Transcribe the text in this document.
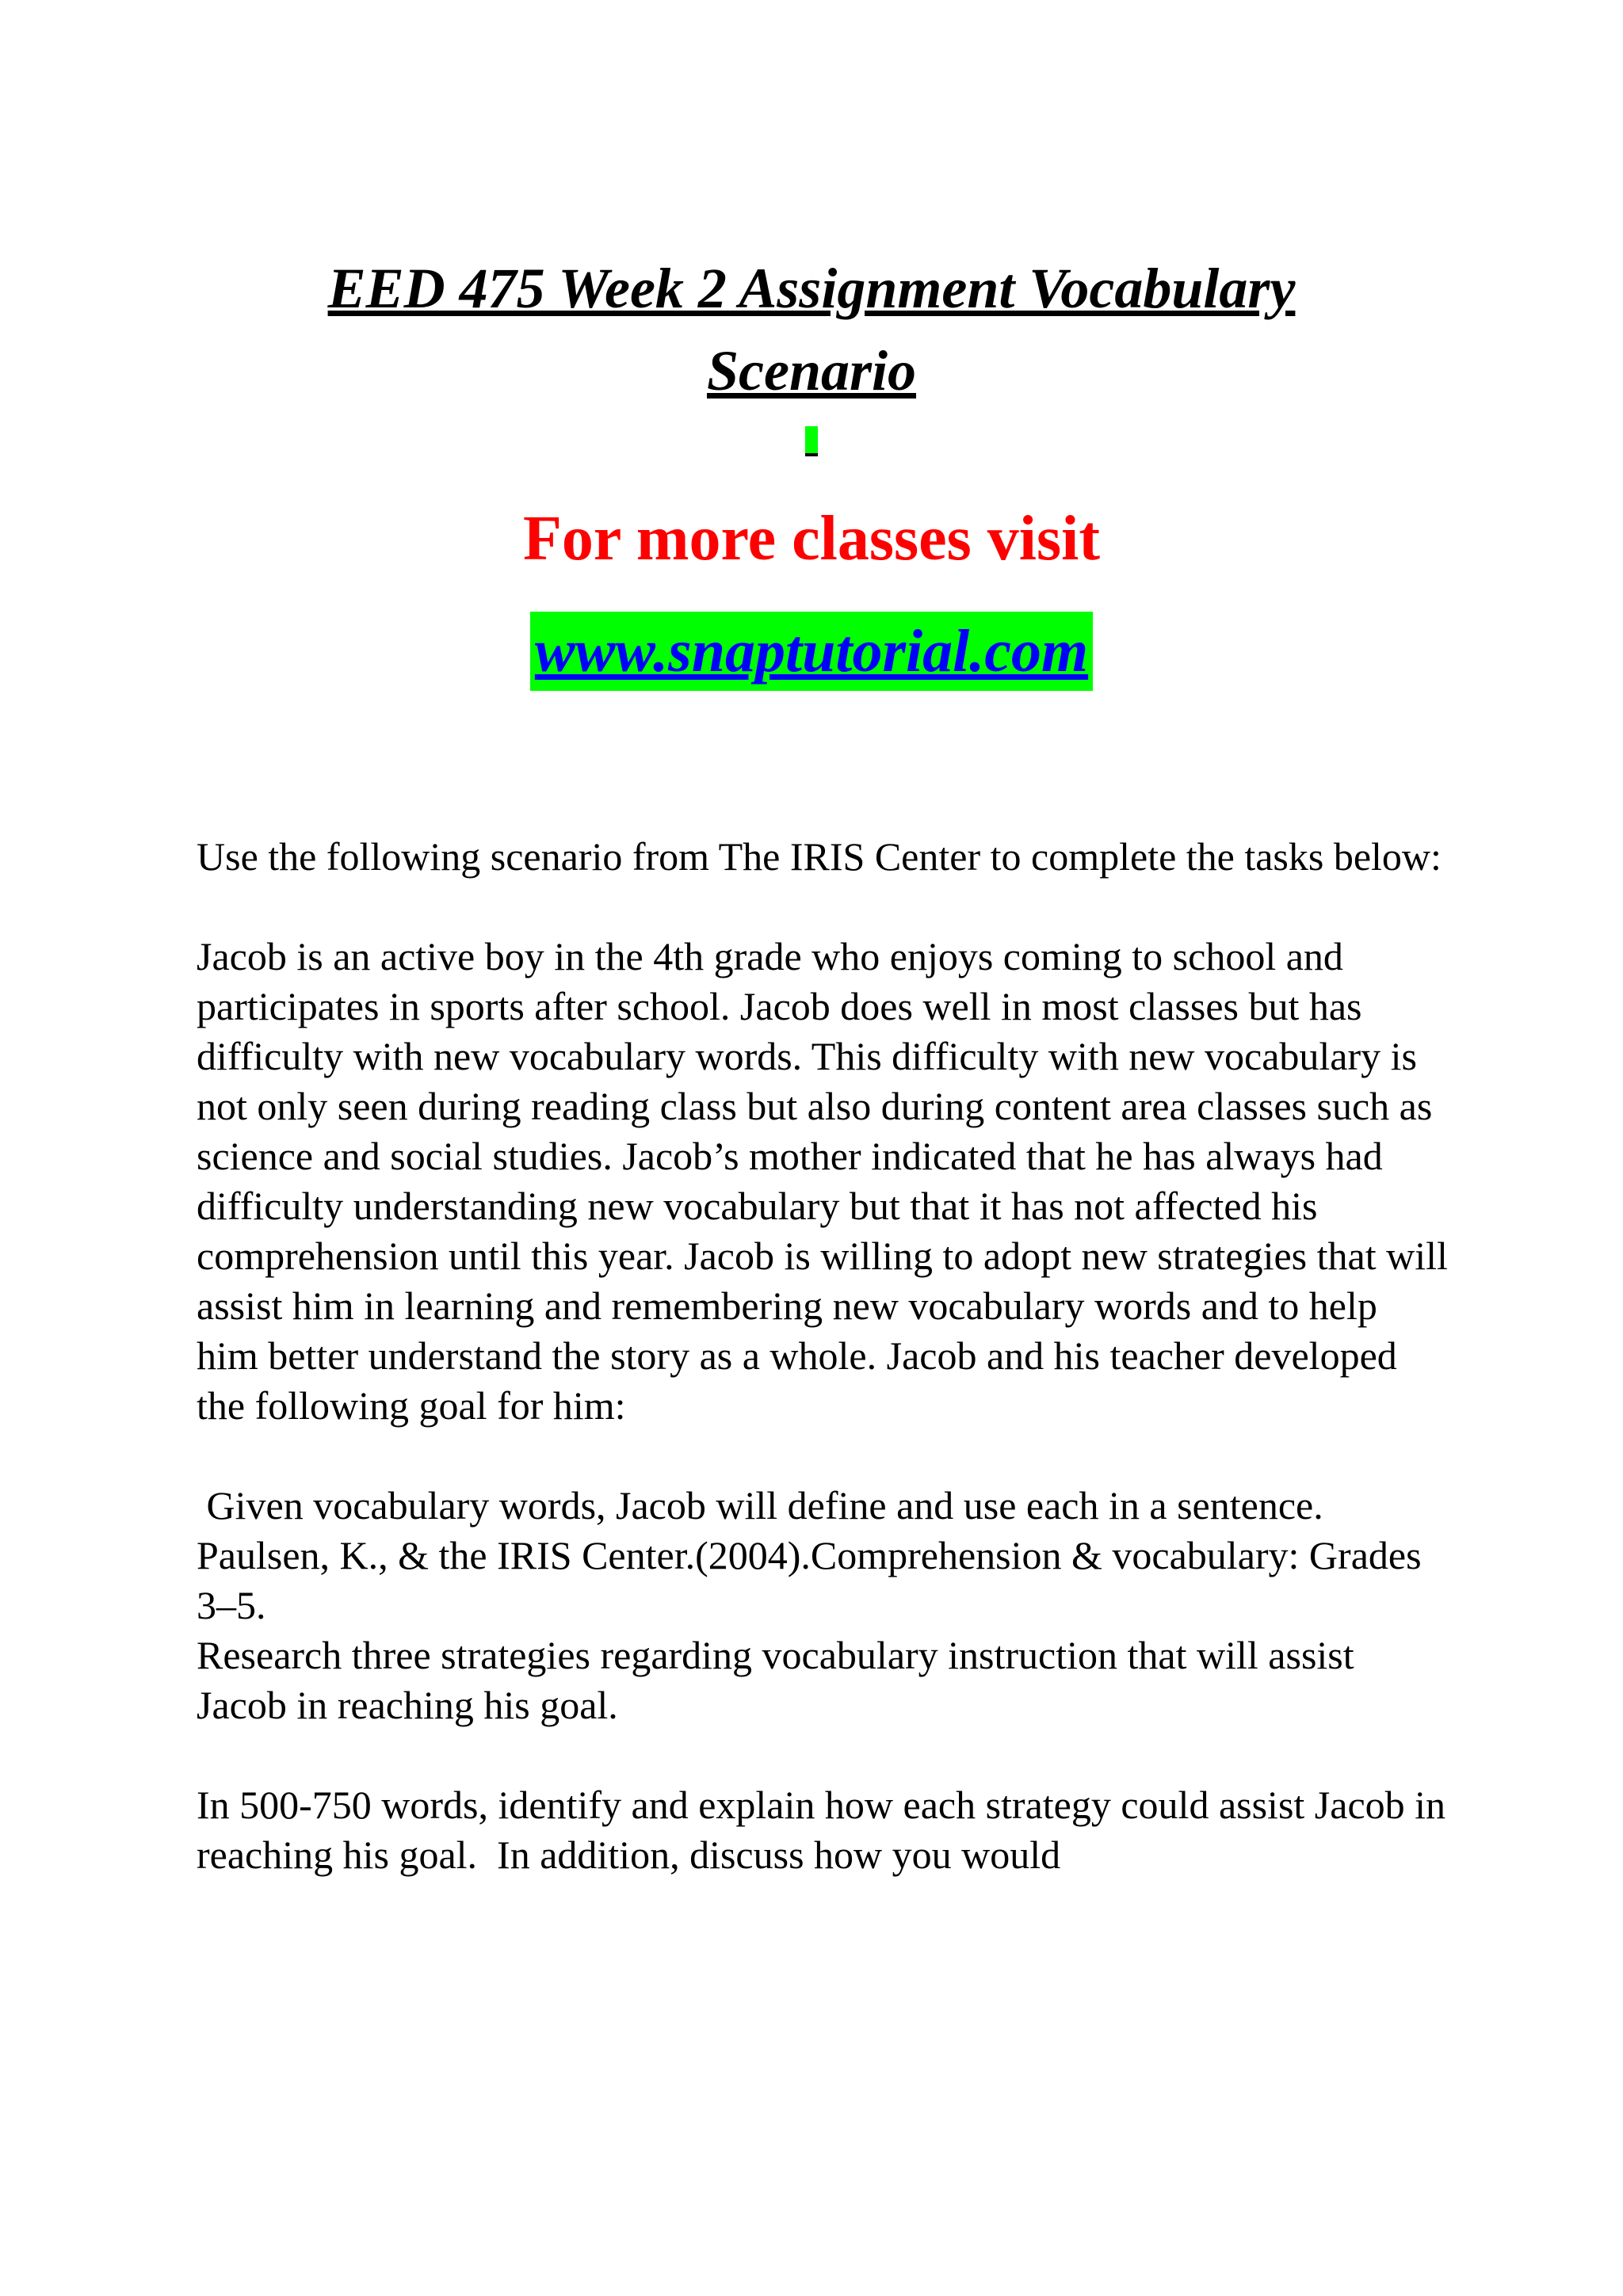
EED 475 Week 2 Assignment Vocabulary
Scenario
For more classes visit
www.snaptutorial.com

Use the following scenario from The IRIS Center to complete the tasks below:

Jacob is an active boy in the 4th grade who enjoys coming to school and participates in sports after school. Jacob does well in most classes but has difficulty with new vocabulary words. This difficulty with new vocabulary is not only seen during reading class but also during content area classes such as science and social studies. Jacob’s mother indicated that he has always had difficulty understanding new vocabulary but that it has not affected his comprehension until this year. Jacob is willing to adopt new strategies that will assist him in learning and remembering new vocabulary words and to help him better understand the story as a whole. Jacob and his teacher developed the following goal for him:

Given vocabulary words, Jacob will define and use each in a sentence.

Paulsen, K., & the IRIS Center.(2004).Comprehension & vocabulary: Grades 3–5.

Research three strategies regarding vocabulary instruction that will assist Jacob in reaching his goal.

In 500-750 words, identify and explain how each strategy could assist Jacob in reaching his goal.  In addition, discuss how you would
